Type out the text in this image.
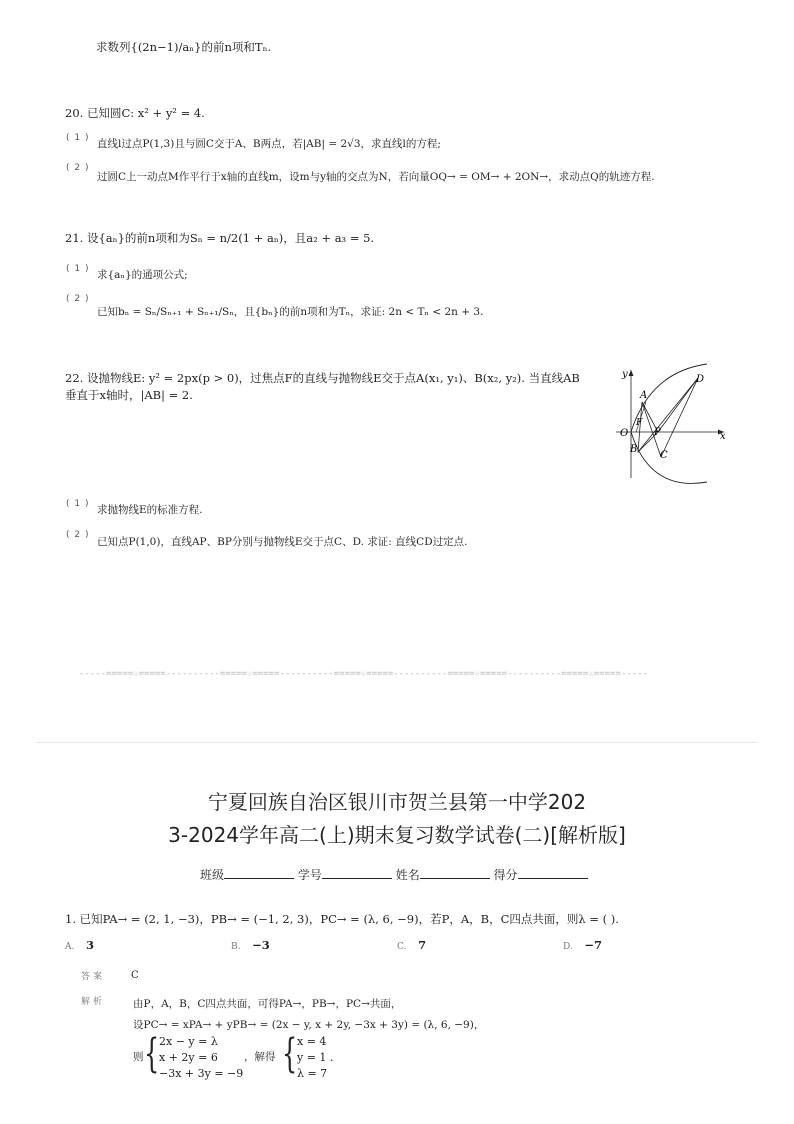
求数列{(2n−1)/aₙ}的前n项和Tₙ.
20. 已知圆C: x² + y² = 4.
( 1 ) 直线l过点P(1,3)且与圆C交于A、B两点，若|AB| = 2√3，求直线l的方程;
( 2 )
过圆C上一动点M作平行于x轴的直线m，设m与y轴的交点为N，若向量OQ→ = OM→ + 2ON→，求动点Q的轨迹方程.
21. 设{aₙ}的前n项和为Sₙ = n/2(1 + aₙ)，且a₂ + a₃ = 5.
( 1 ) 求{aₙ}的通项公式;
( 2 )
已知bₙ = Sₙ/Sₙ₊₁ + Sₙ₊₁/Sₙ，且{bₙ}的前n项和为Tₙ，求证: 2n < Tₙ < 2n + 3.
22. 设抛物线E: y² = 2px(p > 0)，过焦点F的直线与抛物线E交于点A(x₁, y₁)、B(x₂, y₂). 当直线AB
垂直于x轴时，|AB| = 2.
y
x
O
A
B
C
D
F
P
( 1 ) 求抛物线E的标准方程.
( 2 )
已知点P(1,0)，直线AP、BP分别与抛物线E交于点C、D. 求证: 直线CD过定点.
-----=====☆=====----------=====☆=====----------=====☆=====----------=====☆=====----------=====☆=====-----
宁夏回族自治区银川市贺兰县第一中学202
3-2024学年高二(上)期末复习数学试卷(二)[解析版]
班级	学号	姓名	得分
1. 已知PA→ = (2, 1, −3)，PB→ = (−1, 2, 3)，PC→ = (λ, 6, −9)，若P，A，B，C四点共面，则λ = ( ).
A. 3	B. −3	C. 7	D. −7
答案	C
解析	由P，A，B，C四点共面，可得PA→，PB→，PC→共面，
设PC→ = xPA→ + yPB→ = (2x − y, x + 2y, −3x + 3y) = (λ, 6, −9)，
则 { 2x − y = λ
x + 2y = 6
−3x + 3y = −9
，解得 { x = 4
y = 1 .
λ = 7
